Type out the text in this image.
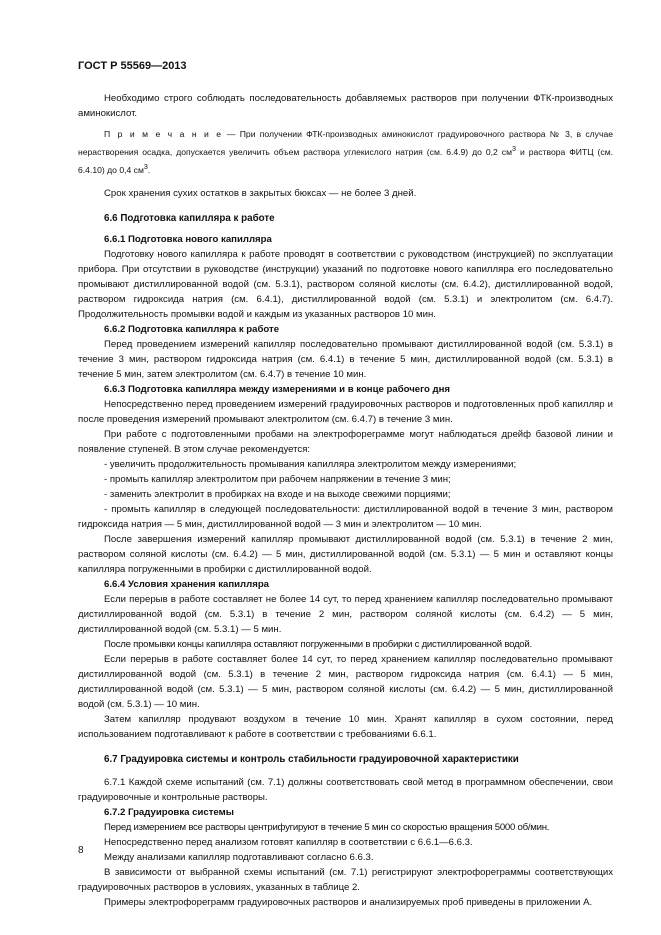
ГОСТ Р 55569—2013

Необходимо строго соблюдать последовательность добавляемых растворов при получении ФТК-производных аминокислот.

П р и м е ч а н и е — При получении ФТК-производных аминокислот градуировочного раствора № 3, в случае нерастворения осадка, допускается увеличить объем раствора углекислого натрия (см. 6.4.9) до 0,2 $см^3$ и раствора ФИТЦ (см. 6.4.10) до 0,4 $см^3$.

Срок хранения сухих остатков в закрытых бюксах — не более 3 дней.

6.6 Подготовка капилляра к работе

6.6.1 Подготовка нового капилляра

Подготовку нового капилляра к работе проводят в соответствии с руководством (инструкцией) по эксплуатации прибора. При отсутствии в руководстве (инструкции) указаний по подготовке нового капилляра его последовательно промывают дистиллированной водой (см. 5.3.1), раствором соляной кислоты (см. 6.4.2), дистиллированной водой, раствором гидроксида натрия (см. 6.4.1), дистиллированной водой (см. 5.3.1) и электролитом (см. 6.4.7). Продолжительность промывки водой и каждым из указанных растворов 10 мин.

6.6.2 Подготовка капилляра к работе

Перед проведением измерений капилляр последовательно промывают дистиллированной водой (см. 5.3.1) в течение 3 мин, раствором гидроксида натрия (см. 6.4.1) в течение 5 мин, дистиллированной водой (см. 5.3.1) в течение 5 мин, затем электролитом (см. 6.4.7) в течение 10 мин.

6.6.3 Подготовка капилляра между измерениями и в конце рабочего дня

Непосредственно перед проведением измерений градуировочных растворов и подготовленных проб капилляр и после проведения измерений промывают электролитом (см. 6.4.7) в течение 3 мин.

При работе с подготовленными пробами на электрофореграмме могут наблюдаться дрейф базовой линии и появление ступеней. В этом случае рекомендуется:

- увеличить продолжительность промывания капилляра электролитом между измерениями;

- промыть капилляр электролитом при рабочем напряжении в течение 3 мин;

- заменить электролит в пробирках на входе и на выходе свежими порциями;

- промыть капилляр в следующей последовательности: дистиллированной водой в течение 3 мин, раствором гидроксида натрия — 5 мин, дистиллированной водой — 3 мин и электролитом — 10 мин.

После завершения измерений капилляр промывают дистиллированной водой (см. 5.3.1) в течение 2 мин, раствором соляной кислоты (см. 6.4.2) — 5 мин, дистиллированной водой (см. 5.3.1) — 5 мин и оставляют концы капилляра погруженными в пробирки с дистиллированной водой.

6.6.4 Условия хранения капилляра

Если перерыв в работе составляет не более 14 сут, то перед хранением капилляр последовательно промывают дистиллированной водой (см. 5.3.1) в течение 2 мин, раствором соляной кислоты (см. 6.4.2) — 5 мин, дистиллированной водой (см. 5.3.1) — 5 мин.

После промывки концы капилляра оставляют погруженными в пробирки с дистиллированной водой.

Если перерыв в работе составляет более 14 сут, то перед хранением капилляр последовательно промывают дистиллированной водой (см. 5.3.1) в течение 2 мин, раствором гидроксида натрия (см. 6.4.1) — 5 мин, дистиллированной водой (см. 5.3.1) — 5 мин, раствором соляной кислоты (см. 6.4.2) — 5 мин, дистиллированной водой (см. 5.3.1) — 10 мин.

Затем капилляр продувают воздухом в течение 10 мин. Хранят капилляр в сухом состоянии, перед использованием подготавливают к работе в соответствии с требованиями 6.6.1.

6.7 Градуировка системы и контроль стабильности градуировочной характеристики

6.7.1 Каждой схеме испытаний (см. 7.1) должны соответствовать свой метод в программном обеспечении, свои градуировочные и контрольные растворы.

6.7.2 Градуировка системы

Перед измерением все растворы центрифугируют в течение 5 мин со скоростью вращения 5000 об/мин.

Непосредственно перед анализом готовят капилляр в соответствии с 6.6.1—6.6.3.

Между анализами капилляр подготавливают согласно 6.6.3.

В зависимости от выбранной схемы испытаний (см. 7.1) регистрируют электрофореграммы соответствующих градуировочных растворов в условиях, указанных в таблице 2.

Примеры электрофореграмм градуировочных растворов и анализируемых проб приведены в приложении А.

8
